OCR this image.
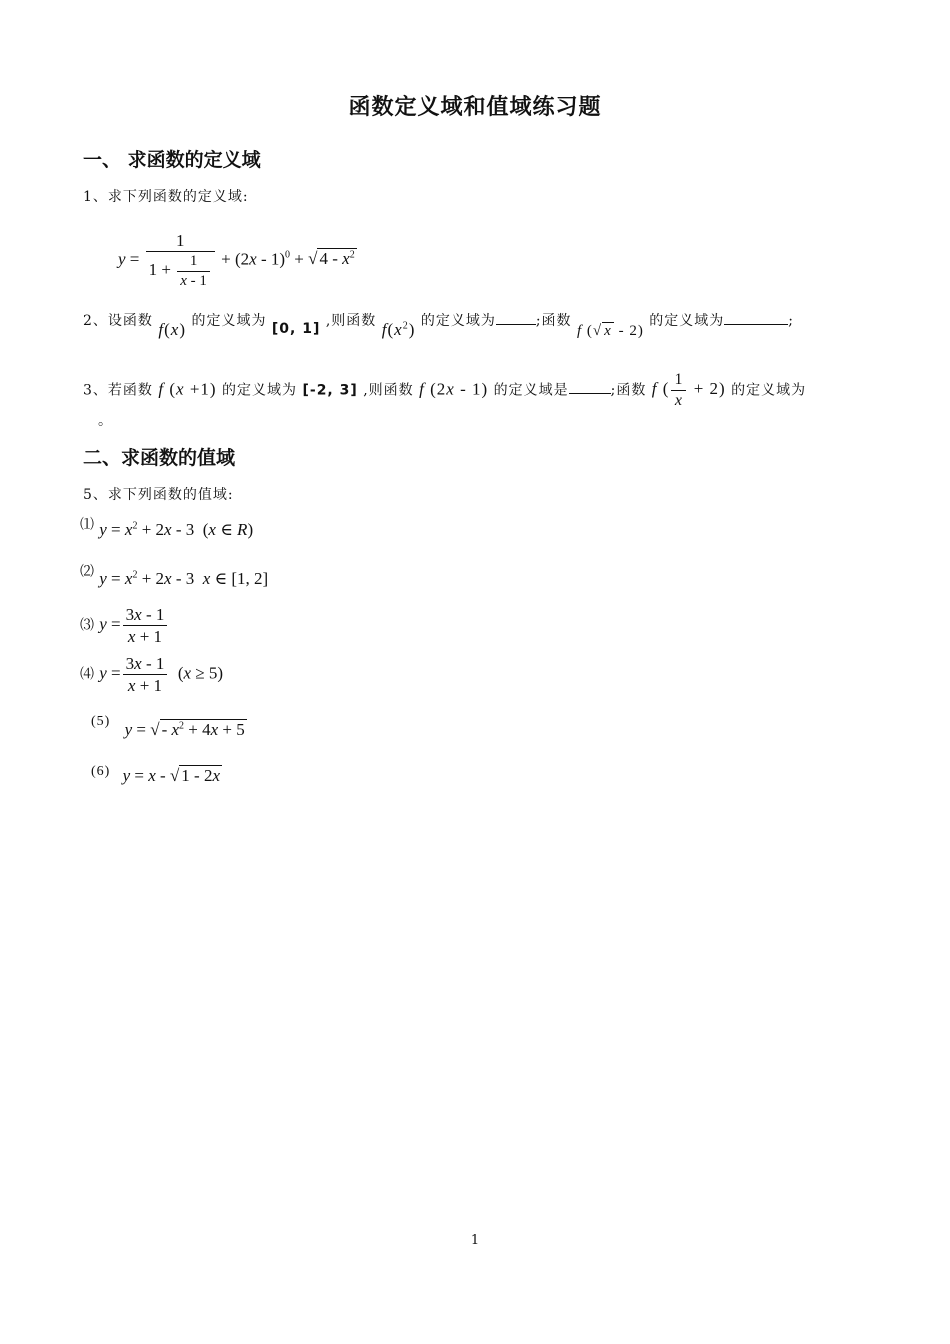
函数定义域和值域练习题
一、 求函数的定义域
1、求下列函数的定义域:
$y = \frac{1}{1 + \frac{1}{x - 1}} + (2x - 1)^0$ + √ $4 - x^2$
2、设函数 f(x) 的定义域为 [0, 1] ,则函数 $f(x^2)$ 的定义域为	;函数 f (√ x - 2) 的定义域为	;
3、若函数 f (x +1) 的定义域为 [-2, 3] ,则函数 f (2x - 1) 的定义域是	;函数 f ( $\frac{1}{x} + 2$) 的定义域为
。
二、求函数的值域
5、求下列函数的值域:
⑴ $y = x^2 + 2x - 3$  (x ∈ R)
⑵ $y = x^2 + 2x - 3$  x ∈ [1, 2]
⑶ $y = \frac{3x - 1}{x + 1}$
⑷ $y = \frac{3x - 1}{x + 1} (x \ge 5)$
(5) y = √ - $x^2 + 4x + 5$
(6) y = x - √ 1 - 2x
1
